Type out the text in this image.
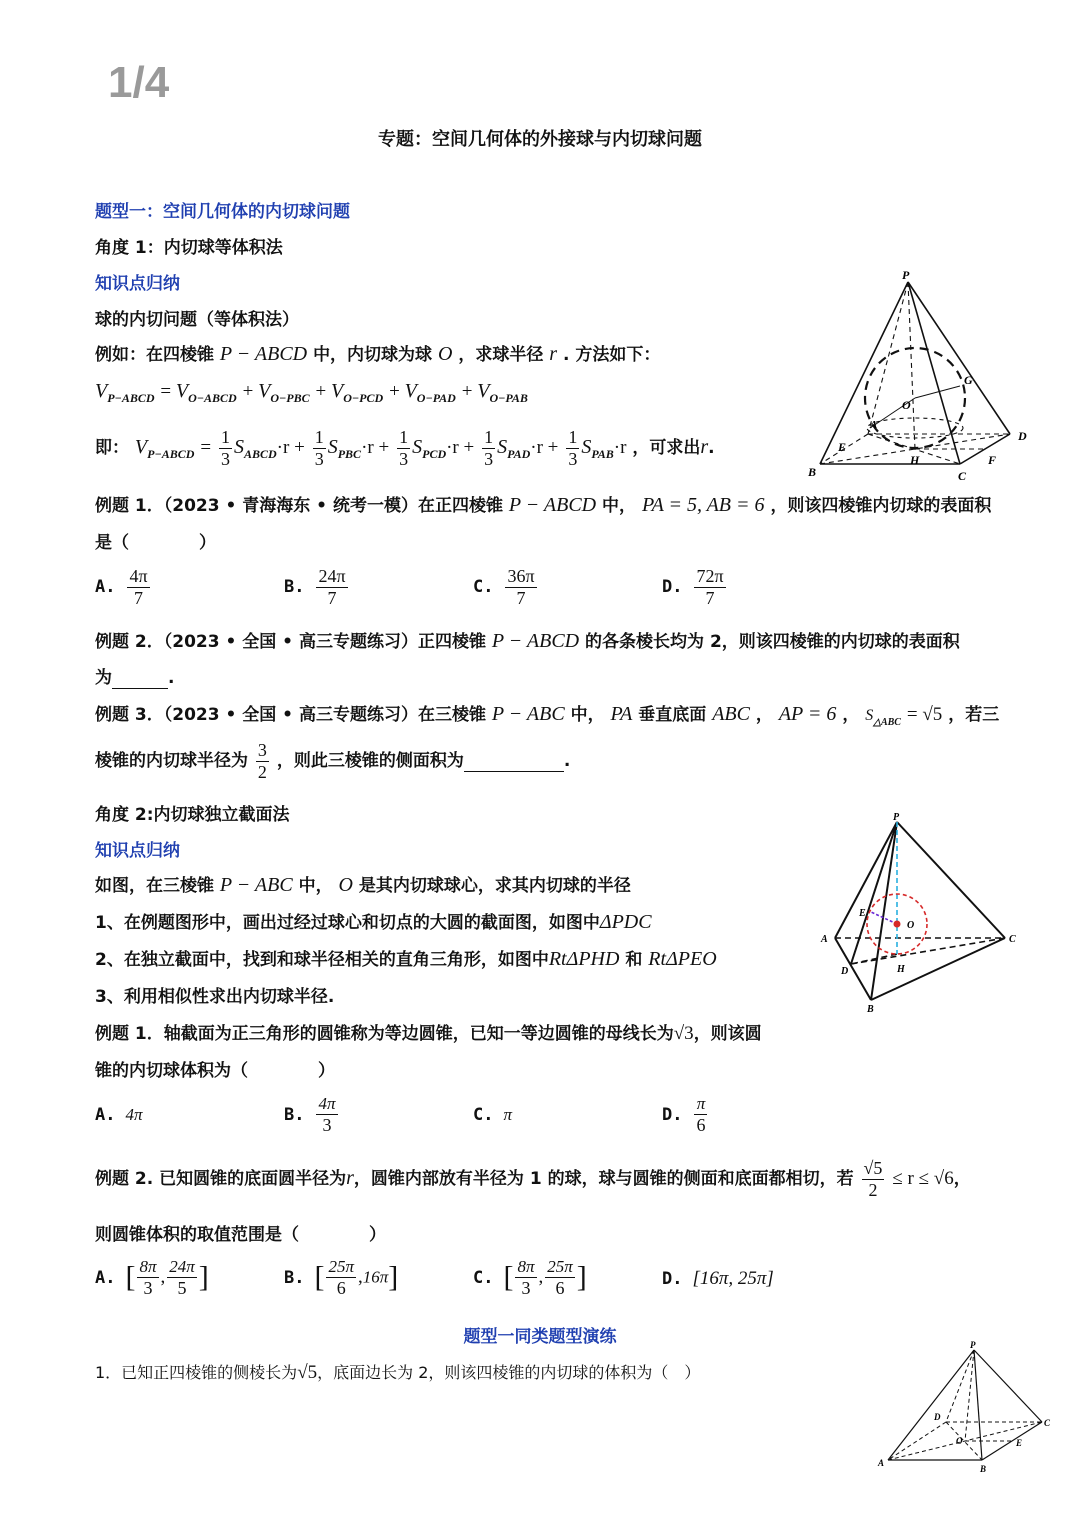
1/4
专题：空间几何体的外接球与内切球问题
题型一：空间几何体的内切球问题
角度 1：内切球等体积法
知识点归纳
球的内切问题（等体积法）
例如：在四棱锥 P − ABCD 中，内切球为球 O ，求球半径 r . 方法如下：
$V_{P-ABCD} = V_{O-ABCD} + V_{O-PBC} + V_{O-PCD} + V_{O-PAD} + V_{O-PAB}$
即： $V_{P-ABCD} = \frac{1}{3} S_{ABCD}\cdot r + \frac{1}{3} S_{PBC}\cdot r + \frac{1}{3} S_{PCD}\cdot r + \frac{1}{3} S_{PAD}\cdot r + \frac{1}{3} S_{PAB}\cdot r$ ，可求出r.
P
G
O
A
E
D
H	F
B	C
例题 1．（2023 • 青海海东 • 统考一模）在正四棱锥 P − ABCD 中， PA = 5, AB = 6 ，则该四棱锥内切球的表面积
是（	）
A. $\frac{4\pi}{7}$	B. $\frac{24\pi}{7}$	C. $\frac{36\pi}{7}$	D. $\frac{72\pi}{7}$
例题 2．（2023 • 全国 • 高三专题练习）正四棱锥 P − ABCD 的各条棱长均为 2，则该四棱锥的内切球的表面积
为	.
例题 3．（2023 • 全国 • 高三专题练习）在三棱锥 P − ABC 中， PA 垂直底面 ABC ， AP = 6 ， $S_{\triangle ABC} = √5$ ，若三
棱锥的内切球半径为 $\frac{3}{2}$ ，则此三棱锥的侧面积为	.
角度 2:内切球独立截面法
知识点归纳
如图，在三棱锥 P − ABC 中， O 是其内切球球心，求其内切球的半径
1、在例题图形中，画出过经过球心和切点的大圆的截面图，如图中ΔPDC
2、在独立截面中，找到和球半径相关的直角三角形，如图中RtΔPHD 和 RtΔPEO
3、利用相似性求出内切球半径.
P
E
O
A	C
D	H
B
例题 1．轴截面为正三角形的圆锥称为等边圆锥，已知一等边圆锥的母线长为√3，则该圆
锥的内切球体积为（	）
A. 4π	B. $\frac{4\pi}{3}$	C. π	D. $\frac{\pi}{6}$
例题 2. 已知圆锥的底面圆半径为r，圆锥内部放有半径为 1 的球，球与圆锥的侧面和底面都相切，若 $\frac{√5}{2} \le r \le √6$，
则圆锥体积的取值范围是（	）
A. [ $\frac{8\pi}{3}$ , $\frac{24\pi}{5}$ ]	B. [ $\frac{25\pi}{6} ,16\pi$]	C. [ $\frac{8\pi}{3}$ , $\frac{25\pi}{6}$ ]	D. [16π, 25π]
题型一同类题型演练
1．已知正四棱锥的侧棱长为√5，底面边长为 2，则该四棱锥的内切球的体积为（　）
P
D
C
O	E
A
B
